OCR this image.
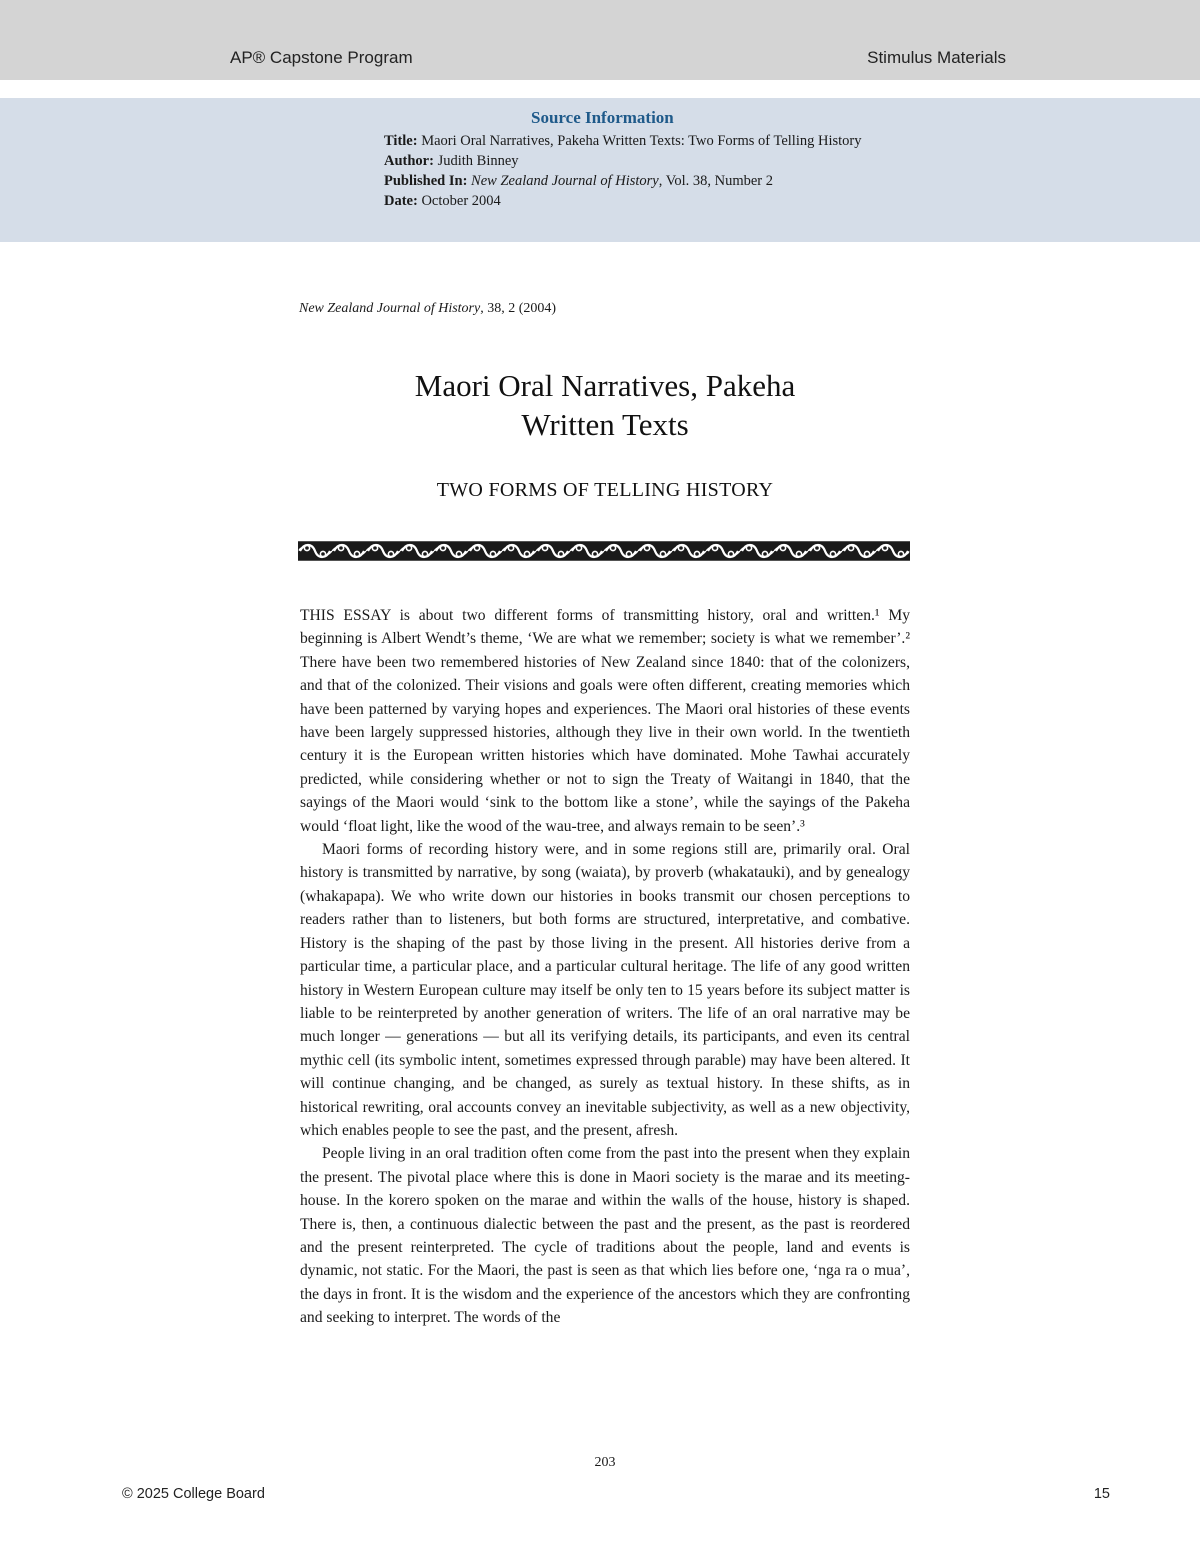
AP® Capstone Program	Stimulus Materials
Source Information
Title: Maori Oral Narratives, Pakeha Written Texts: Two Forms of Telling History
Author: Judith Binney
Published In: New Zealand Journal of History, Vol. 38, Number 2
Date: October 2004
New Zealand Journal of History, 38, 2 (2004)
Maori Oral Narratives, Pakeha
Written Texts
TWO FORMS OF TELLING HISTORY

THIS ESSAY is about two different forms of transmitting history, oral and written.¹ My beginning is Albert Wendt’s theme, ‘We are what we remember; society is what we remember’.² There have been two remembered histories of New Zealand since 1840: that of the colonizers, and that of the colonized. Their visions and goals were often different, creating memories which have been patterned by varying hopes and experiences. The Maori oral histories of these events have been largely suppressed histories, although they live in their own world. In the twentieth century it is the European written histories which have dominated. Mohe Tawhai accurately predicted, while considering whether or not to sign the Treaty of Waitangi in 1840, that the sayings of the Maori would ‘sink to the bottom like a stone’, while the sayings of the Pakeha would ‘float light, like the wood of the wau-tree, and always remain to be seen’.³

Maori forms of recording history were, and in some regions still are, primarily oral. Oral history is transmitted by narrative, by song (waiata), by proverb (whakatauki), and by genealogy (whakapapa). We who write down our histories in books transmit our chosen perceptions to readers rather than to listeners, but both forms are structured, interpretative, and combative. History is the shaping of the past by those living in the present. All histories derive from a particular time, a particular place, and a particular cultural heritage. The life of any good written history in Western European culture may itself be only ten to 15 years before its subject matter is liable to be reinterpreted by another generation of writers. The life of an oral narrative may be much longer — generations — but all its verifying details, its participants, and even its central mythic cell (its symbolic intent, sometimes expressed through parable) may have been altered. It will continue changing, and be changed, as surely as textual history. In these shifts, as in historical rewriting, oral accounts convey an inevitable subjectivity, as well as a new objectivity, which enables people to see the past, and the present, afresh.

People living in an oral tradition often come from the past into the present when they explain the present. The pivotal place where this is done in Maori society is the marae and its meeting-house. In the korero spoken on the marae and within the walls of the house, history is shaped. There is, then, a continuous dialectic between the past and the present, as the past is reordered and the present reinterpreted. The cycle of traditions about the people, land and events is dynamic, not static. For the Maori, the past is seen as that which lies before one, ‘nga ra o mua’, the days in front. It is the wisdom and the experience of the ancestors which they are confronting and seeking to interpret. The words of the

203
© 2025 College Board	15
